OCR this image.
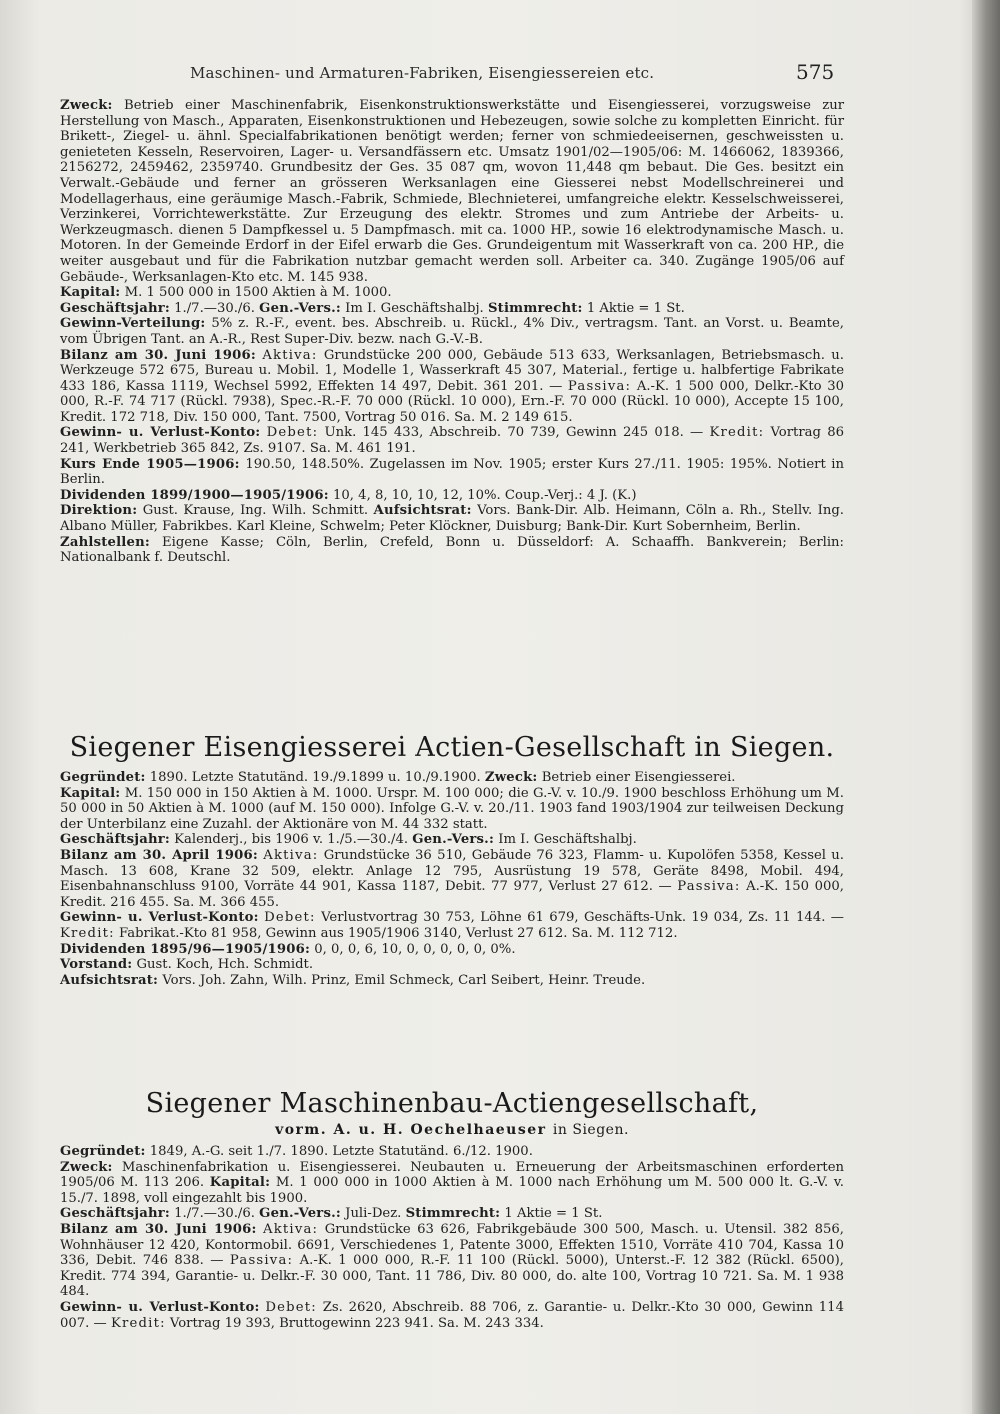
Maschinen- und Armaturen-Fabriken, Eisengiessereien etc.	575

Zweck: Betrieb einer Maschinenfabrik, Eisenkonstruktionswerkstätte und Eisengiesserei, vorzugsweise zur Herstellung von Masch., Apparaten, Eisenkonstruktionen und Hebezeugen, sowie solche zu kompletten Einricht. für Brikett-, Ziegel- u. ähnl. Specialfabrikationen benötigt werden; ferner von schmiedeeisernen, geschweissten u. genieteten Kesseln, Reservoiren, Lager- u. Versandfässern etc. Umsatz 1901/02—1905/06: M. 1466062, 1839366, 2156272, 2459462, 2359740. Grundbesitz der Ges. 35 087 qm, wovon 11,448 qm bebaut. Die Ges. besitzt ein Verwalt.-Gebäude und ferner an grösseren Werksanlagen eine Giesserei nebst Modellschreinerei und Modellagerhaus, eine geräumige Masch.-Fabrik, Schmiede, Blechnieterei, umfangreiche elektr. Kesselschweisserei, Verzinkerei, Vorrichtewerkstätte. Zur Erzeugung des elektr. Stromes und zum Antriebe der Arbeits- u. Werkzeugmasch. dienen 5 Dampfkessel u. 5 Dampfmasch. mit ca. 1000 HP., sowie 16 elektrodynamische Masch. u. Motoren. In der Gemeinde Erdorf in der Eifel erwarb die Ges. Grundeigentum mit Wasserkraft von ca. 200 HP., die weiter ausgebaut und für die Fabrikation nutzbar gemacht werden soll. Arbeiter ca. 340. Zugänge 1905/06 auf Gebäude-, Werksanlagen-Kto etc. M. 145 938.

Kapital: M. 1 500 000 in 1500 Aktien à M. 1000.

Geschäftsjahr: 1./7.—30./6. Gen.-Vers.: Im I. Geschäftshalbj. Stimmrecht: 1 Aktie = 1 St.

Gewinn-Verteilung: 5% z. R.-F., event. bes. Abschreib. u. Rückl., 4% Div., vertragsm. Tant. an Vorst. u. Beamte, vom Übrigen Tant. an A.-R., Rest Super-Div. bezw. nach G.-V.-B.

Bilanz am 30. Juni 1906: Aktiva: Grundstücke 200 000, Gebäude 513 633, Werksanlagen, Betriebsmasch. u. Werkzeuge 572 675, Bureau u. Mobil. 1, Modelle 1, Wasserkraft 45 307, Material., fertige u. halbfertige Fabrikate 433 186, Kassa 1119, Wechsel 5992, Effekten 14 497, Debit. 361 201. — Passiva: A.-K. 1 500 000, Delkr.-Kto 30 000, R.-F. 74 717 (Rückl. 7938), Spec.-R.-F. 70 000 (Rückl. 10 000), Ern.-F. 70 000 (Rückl. 10 000), Accepte 15 100, Kredit. 172 718, Div. 150 000, Tant. 7500, Vortrag 50 016. Sa. M. 2 149 615.

Gewinn- u. Verlust-Konto: Debet: Unk. 145 433, Abschreib. 70 739, Gewinn 245 018. — Kredit: Vortrag 86 241, Werkbetrieb 365 842, Zs. 9107. Sa. M. 461 191.

Kurs Ende 1905—1906: 190.50, 148.50%. Zugelassen im Nov. 1905; erster Kurs 27./11. 1905: 195%. Notiert in Berlin.

Dividenden 1899/1900—1905/1906: 10, 4, 8, 10, 10, 12, 10%. Coup.-Verj.: 4 J. (K.)

Direktion: Gust. Krause, Ing. Wilh. Schmitt. Aufsichtsrat: Vors. Bank-Dir. Alb. Heimann, Cöln a. Rh., Stellv. Ing. Albano Müller, Fabrikbes. Karl Kleine, Schwelm; Peter Klöckner, Duisburg; Bank-Dir. Kurt Sobernheim, Berlin.

Zahlstellen: Eigene Kasse; Cöln, Berlin, Crefeld, Bonn u. Düsseldorf: A. Schaaffh. Bankverein; Berlin: Nationalbank f. Deutschl.

Siegener Eisengiesserei Actien-Gesellschaft in Siegen.

Gegründet: 1890. Letzte Statutänd. 19./9.1899 u. 10./9.1900. Zweck: Betrieb einer Eisengiesserei.

Kapital: M. 150 000 in 150 Aktien à M. 1000. Urspr. M. 100 000; die G.-V. v. 10./9. 1900 beschloss Erhöhung um M. 50 000 in 50 Aktien à M. 1000 (auf M. 150 000). Infolge G.-V. v. 20./11. 1903 fand 1903/1904 zur teilweisen Deckung der Unterbilanz eine Zuzahl. der Aktionäre von M. 44 332 statt.

Geschäftsjahr: Kalenderj., bis 1906 v. 1./5.—30./4. Gen.-Vers.: Im I. Geschäftshalbj.

Bilanz am 30. April 1906: Aktiva: Grundstücke 36 510, Gebäude 76 323, Flamm- u. Kupolöfen 5358, Kessel u. Masch. 13 608, Krane 32 509, elektr. Anlage 12 795, Ausrüstung 19 578, Geräte 8498, Mobil. 494, Eisenbahnanschluss 9100, Vorräte 44 901, Kassa 1187, Debit. 77 977, Verlust 27 612. — Passiva: A.-K. 150 000, Kredit. 216 455. Sa. M. 366 455.

Gewinn- u. Verlust-Konto: Debet: Verlustvortrag 30 753, Löhne 61 679, Geschäfts-Unk. 19 034, Zs. 11 144. — Kredit: Fabrikat.-Kto 81 958, Gewinn aus 1905/1906 3140, Verlust 27 612. Sa. M. 112 712.

Dividenden 1895/96—1905/1906: 0, 0, 0, 6, 10, 0, 0, 0, 0, 0, 0%.

Vorstand: Gust. Koch, Hch. Schmidt.

Aufsichtsrat: Vors. Joh. Zahn, Wilh. Prinz, Emil Schmeck, Carl Seibert, Heinr. Treude.

Siegener Maschinenbau-Actiengesellschaft,
vorm. A. u. H. Oechelhaeuser in Siegen.

Gegründet: 1849, A.-G. seit 1./7. 1890. Letzte Statutänd. 6./12. 1900.

Zweck: Maschinenfabrikation u. Eisengiesserei. Neubauten u. Erneuerung der Arbeitsmaschinen erforderten 1905/06 M. 113 206. Kapital: M. 1 000 000 in 1000 Aktien à M. 1000 nach Erhöhung um M. 500 000 lt. G.-V. v. 15./7. 1898, voll eingezahlt bis 1900.

Geschäftsjahr: 1./7.—30./6. Gen.-Vers.: Juli-Dez. Stimmrecht: 1 Aktie = 1 St.

Bilanz am 30. Juni 1906: Aktiva: Grundstücke 63 626, Fabrikgebäude 300 500, Masch. u. Utensil. 382 856, Wohnhäuser 12 420, Kontormobil. 6691, Verschiedenes 1, Patente 3000, Effekten 1510, Vorräte 410 704, Kassa 10 336, Debit. 746 838. — Passiva: A.-K. 1 000 000, R.-F. 11 100 (Rückl. 5000), Unterst.-F. 12 382 (Rückl. 6500), Kredit. 774 394, Garantie- u. Delkr.-F. 30 000, Tant. 11 786, Div. 80 000, do. alte 100, Vortrag 10 721. Sa. M. 1 938 484.

Gewinn- u. Verlust-Konto: Debet: Zs. 2620, Abschreib. 88 706, z. Garantie- u. Delkr.-Kto 30 000, Gewinn 114 007. — Kredit: Vortrag 19 393, Bruttogewinn 223 941. Sa. M. 243 334.
